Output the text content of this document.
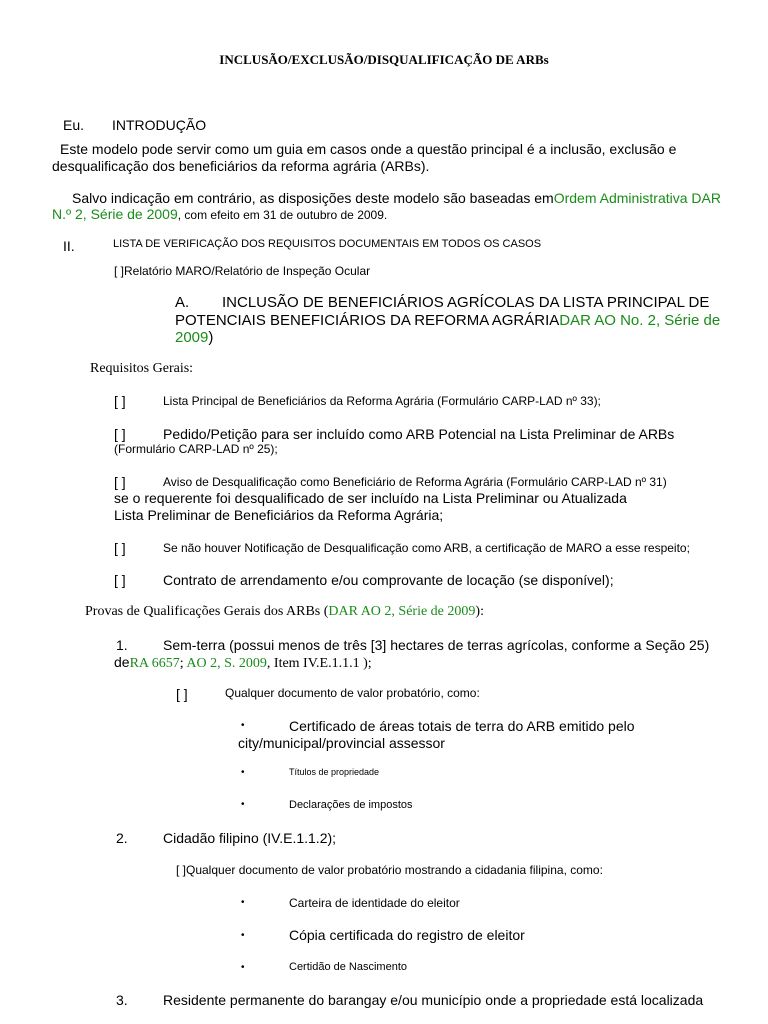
INCLUSÃO/EXCLUSÃO/DISQUALIFICAÇÃO DE ARBs
Eu. INTRODUÇÃO
Este modelo pode servir como um guia em casos onde a questão principal é a inclusão, exclusão e
desqualificação dos beneficiários da reforma agrária (ARBs).
Salvo indicação em contrário, as disposições deste modelo são baseadas emOrdem Administrativa DAR
N.º 2, Série de 2009, com efeito em 31 de outubro de 2009.
II.	LISTA DE VERIFICAÇÃO DOS REQUISITOS DOCUMENTAIS EM TODOS OS CASOS
[ ]Relatório MARO/Relatório de Inspeção Ocular
A. INCLUSÃO DE BENEFICIÁRIOS AGRÍCOLAS DA LISTA PRINCIPAL DE
POTENCIAIS BENEFICIÁRIOS DA REFORMA AGRÁRIADAR AO No. 2, Série de
2009)
Requisitos Gerais:
[ ]	Lista Principal de Beneficiários da Reforma Agrária (Formulário CARP-LAD nº 33);
[ ]	Pedido/Petição para ser incluído como ARB Potencial na Lista Preliminar de ARBs
(Formulário CARP-LAD nº 25);
[ ]	Aviso de Desqualificação como Beneficiário de Reforma Agrária (Formulário CARP-LAD nº 31)
se o requerente foi desqualificado de ser incluído na Lista Preliminar ou Atualizada
Lista Preliminar de Beneficiários da Reforma Agrária;
[ ]	Se não houver Notificação de Desqualificação como ARB, a certificação de MARO a esse respeito;
[ ]	Contrato de arrendamento e/ou comprovante de locação (se disponível);
Provas de Qualificações Gerais dos ARBs (DAR AO 2, Série de 2009):
1.	Sem-terra (possui menos de três [3] hectares de terras agrícolas, conforme a Seção 25)
deRA 6657; AO 2, S. 2009, Item IV.E.1.1.1 );
[ ]	Qualquer documento de valor probatório, como:
•	Certificado de áreas totais de terra do ARB emitido pelo
city/municipal/provincial assessor
•	Títulos de propriedade
•	Declarações de impostos
2.	Cidadão filipino (IV.E.1.1.2);
[ ]Qualquer documento de valor probatório mostrando a cidadania filipina, como:
•	Carteira de identidade do eleitor
•	Cópia certificada do registro de eleitor
•	Certidão de Nascimento
3.	Residente permanente do barangay e/ou município onde a propriedade está localizada
